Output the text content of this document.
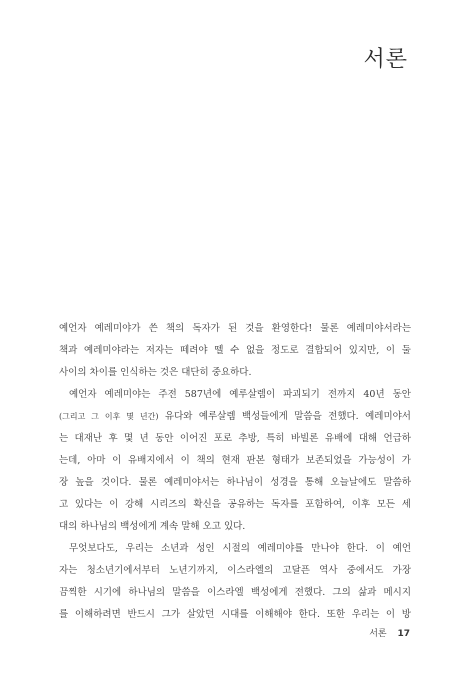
서론
예언자 예레미야가 쓴 책의 독자가 된 것을 환영한다! 물론 예레미야서라는
책과 예레미야라는 저자는 떼려야 뗄 수 없을 정도로 결합되어 있지만, 이 둘
사이의 차이를 인식하는 것은 대단히 중요하다.
예언자 예레미야는 주전 587년에 예루살렘이 파괴되기 전까지 40년 동안
(그리고 그 이후 몇 년간) 유다와 예루살렘 백성들에게 말씀을 전했다. 예레미야서
는 대재난 후 몇 년 동안 이어진 포로 추방, 특히 바빌론 유배에 대해 언급하
는데, 아마 이 유배지에서 이 책의 현재 판본 형태가 보존되었을 가능성이 가
장 높을 것이다. 물론 예레미야서는 하나님이 성경을 통해 오늘날에도 말씀하
고 있다는 이 강해 시리즈의 확신을 공유하는 독자를 포함하여, 이후 모든 세
대의 하나님의 백성에게 계속 말해 오고 있다.
무엇보다도, 우리는 소년과 성인 시절의 예레미야를 만나야 한다. 이 예언
자는 청소년기에서부터 노년기까지, 이스라엘의 고달픈 역사 중에서도 가장
끔찍한 시기에 하나님의 말씀을 이스라엘 백성에게 전했다. 그의 삶과 메시지
를 이해하려면 반드시 그가 살았던 시대를 이해해야 한다. 또한 우리는 이 방
서론 17
